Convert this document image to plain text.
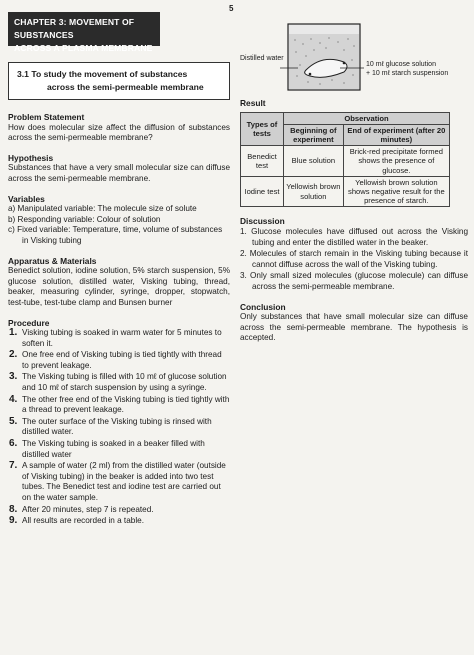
5
CHAPTER 3: MOVEMENT OF SUBSTANCES
ACROSS A PLASMA MEMBRANE
3.1 To study the movement of substances
across the semi-permeable membrane
Problem Statement
How does molecular size affect the diffusion of substances across the semi-permeable membrane?
Hypothesis
Substances that have a very small molecular size can diffuse across the semi-permeable membrane.
Variables
a) Manipulated variable: The molecule size of solute
b) Responding variable: Colour of solution
c) Fixed variable: Temperature, time, volume of substances in Visking tubing
Apparatus & Materials
Benedict solution, iodine solution, 5% starch suspension, 5% glucose solution, distilled water, Visking tubing, thread, beaker, measuring cylinder, syringe, dropper, stopwatch, test-tube, test-tube clamp and Bunsen burner
Procedure
1. Visking tubing is soaked in warm water for 5 minutes to soften it.
2. One free end of Visking tubing is tied tightly with thread to prevent leakage.
3. The Visking tubing is filled with 10 mℓ of glucose solution and 10 mℓ of starch suspension by using a syringe.
4. The other free end of the Visking tubing is tied tightly with a thread to prevent leakage.
5. The outer surface of the Visking tubing is rinsed with distilled water.
6. The Visking tubing is soaked in a beaker filled with distilled water
7. A sample of water (2 ml) from the distilled water (outside of Visking tubing) in the beaker is added into two test tubes. The Benedict test and iodine test are carried out on the water sample.
8. After 20 minutes, step 7 is repeated.
9. All results are recorded in a table.
Distilled water
10 mℓ glucose solution
+ 10 mℓ starch suspension
Result
Types of tests	Observation	
	Beginning of experiment	End of experiment (after 20 minutes)
Benedict test	Blue solution	Brick-red precipitate formed shows the presence of glucose.
Iodine test	Yellowish brown solution	Yellowish brown solution shows negative result for the presence of starch.
Discussion
1. Glucose molecules have diffused out across the Visking tubing and enter the distilled water in the beaker.
2. Molecules of starch remain in the Visking tubing because it cannot diffuse across the wall of the Visking tubing.
3. Only small sized molecules (glucose molecule) can diffuse across the semi-permeable membrane.
Conclusion
Only substances that have small molecular size can diffuse across the semi-permeable membrane. The hypothesis is accepted.
